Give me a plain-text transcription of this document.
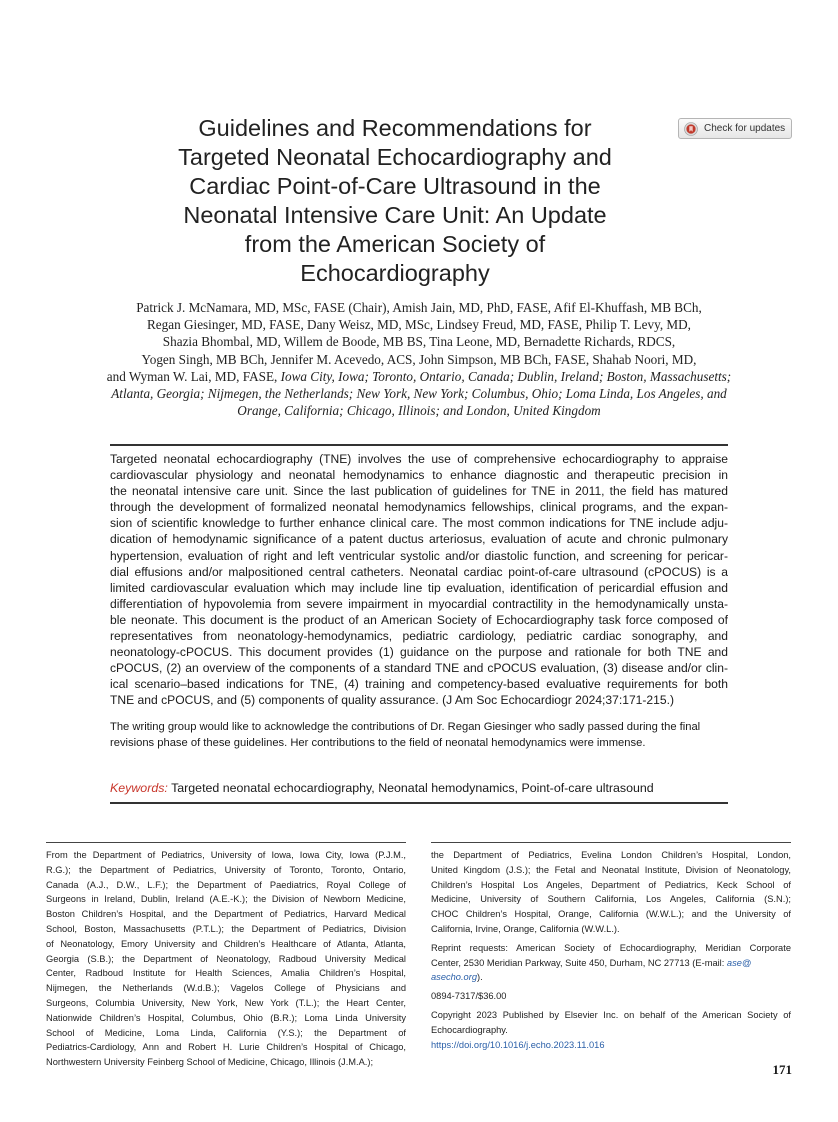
Guidelines and Recommendations for
Targeted Neonatal Echocardiography and
Cardiac Point-of-Care Ultrasound in the
Neonatal Intensive Care Unit: An Update
from the American Society of
Echocardiography
Check for updates
Patrick J. McNamara, MD, MSc, FASE (Chair), Amish Jain, MD, PhD, FASE, Afif El-Khuffash, MB BCh,
Regan Giesinger, MD, FASE, Dany Weisz, MD, MSc, Lindsey Freud, MD, FASE, Philip T. Levy, MD,
Shazia Bhombal, MD, Willem de Boode, MB BS, Tina Leone, MD, Bernadette Richards, RDCS,
Yogen Singh, MB BCh, Jennifer M. Acevedo, ACS, John Simpson, MB BCh, FASE, Shahab Noori, MD,
and Wyman W. Lai, MD, FASE, Iowa City, Iowa; Toronto, Ontario, Canada; Dublin, Ireland; Boston, Massachusetts;
Atlanta, Georgia; Nijmegen, the Netherlands; New York, New York; Columbus, Ohio; Loma Linda, Los Angeles, and
Orange, California; Chicago, Illinois; and London, United Kingdom
Targeted neonatal echocardiography (TNE) involves the use of comprehensive echocardiography to appraise
cardiovascular physiology and neonatal hemodynamics to enhance diagnostic and therapeutic precision in
the neonatal intensive care unit. Since the last publication of guidelines for TNE in 2011, the field has matured
through the development of formalized neonatal hemodynamics fellowships, clinical programs, and the expan-
sion of scientific knowledge to further enhance clinical care. The most common indications for TNE include adju-
dication of hemodynamic significance of a patent ductus arteriosus, evaluation of acute and chronic pulmonary
hypertension, evaluation of right and left ventricular systolic and/or diastolic function, and screening for pericar-
dial effusions and/or malpositioned central catheters. Neonatal cardiac point-of-care ultrasound (cPOCUS) is a
limited cardiovascular evaluation which may include line tip evaluation, identification of pericardial effusion and
differentiation of hypovolemia from severe impairment in myocardial contractility in the hemodynamically unsta-
ble neonate. This document is the product of an American Society of Echocardiography task force composed of
representatives from neonatology-hemodynamics, pediatric cardiology, pediatric cardiac sonography, and
neonatology-cPOCUS. This document provides (1) guidance on the purpose and rationale for both TNE and
cPOCUS, (2) an overview of the components of a standard TNE and cPOCUS evaluation, (3) disease and/or clin-
ical scenario–based indications for TNE, (4) training and competency-based evaluative requirements for both
TNE and cPOCUS, and (5) components of quality assurance. (J Am Soc Echocardiogr 2024;37:171-215.)
The writing group would like to acknowledge the contributions of Dr. Regan Giesinger who sadly passed during the final
revisions phase of these guidelines. Her contributions to the field of neonatal hemodynamics were immense.
Keywords: Targeted neonatal echocardiography, Neonatal hemodynamics, Point-of-care ultrasound
From the Department of Pediatrics, University of Iowa, Iowa City, Iowa (P.J.M.,
R.G.); the Department of Pediatrics, University of Toronto, Toronto, Ontario,
Canada (A.J., D.W., L.F.); the Department of Paediatrics, Royal College of
Surgeons in Ireland, Dublin, Ireland (A.E.-K.); the Division of Newborn Medicine,
Boston Children’s Hospital, and the Department of Pediatrics, Harvard Medical
School, Boston, Massachusetts (P.T.L.); the Department of Pediatrics, Division
of Neonatology, Emory University and Children’s Healthcare of Atlanta, Atlanta,
Georgia (S.B.); the Department of Neonatology, Radboud University Medical
Center, Radboud Institute for Health Sciences, Amalia Children’s Hospital,
Nijmegen, the Netherlands (W.d.B.); Vagelos College of Physicians and
Surgeons, Columbia University, New York, New York (T.L.); the Heart Center,
Nationwide Children’s Hospital, Columbus, Ohio (B.R.); Loma Linda University
School of Medicine, Loma Linda, California (Y.S.); the Department of
Pediatrics-Cardiology, Ann and Robert H. Lurie Children’s Hospital of Chicago,
Northwestern University Feinberg School of Medicine, Chicago, Illinois (J.M.A.);
the Department of Pediatrics, Evelina London Children’s Hospital, London,
United Kingdom (J.S.); the Fetal and Neonatal Institute, Division of Neonatology,
Children’s Hospital Los Angeles, Department of Pediatrics, Keck School of
Medicine, University of Southern California, Los Angeles, California (S.N.);
CHOC Children’s Hospital, Orange, California (W.W.L.); and the University of
California, Irvine, Orange, California (W.W.L.).
Reprint requests: American Society of Echocardiography, Meridian Corporate
Center, 2530 Meridian Parkway, Suite 450, Durham, NC 27713 (E-mail: ase@
asecho.org).
0894-7317/$36.00
Copyright 2023 Published by Elsevier Inc. on behalf of the American Society of
Echocardiography.
https://doi.org/10.1016/j.echo.2023.11.016
171
